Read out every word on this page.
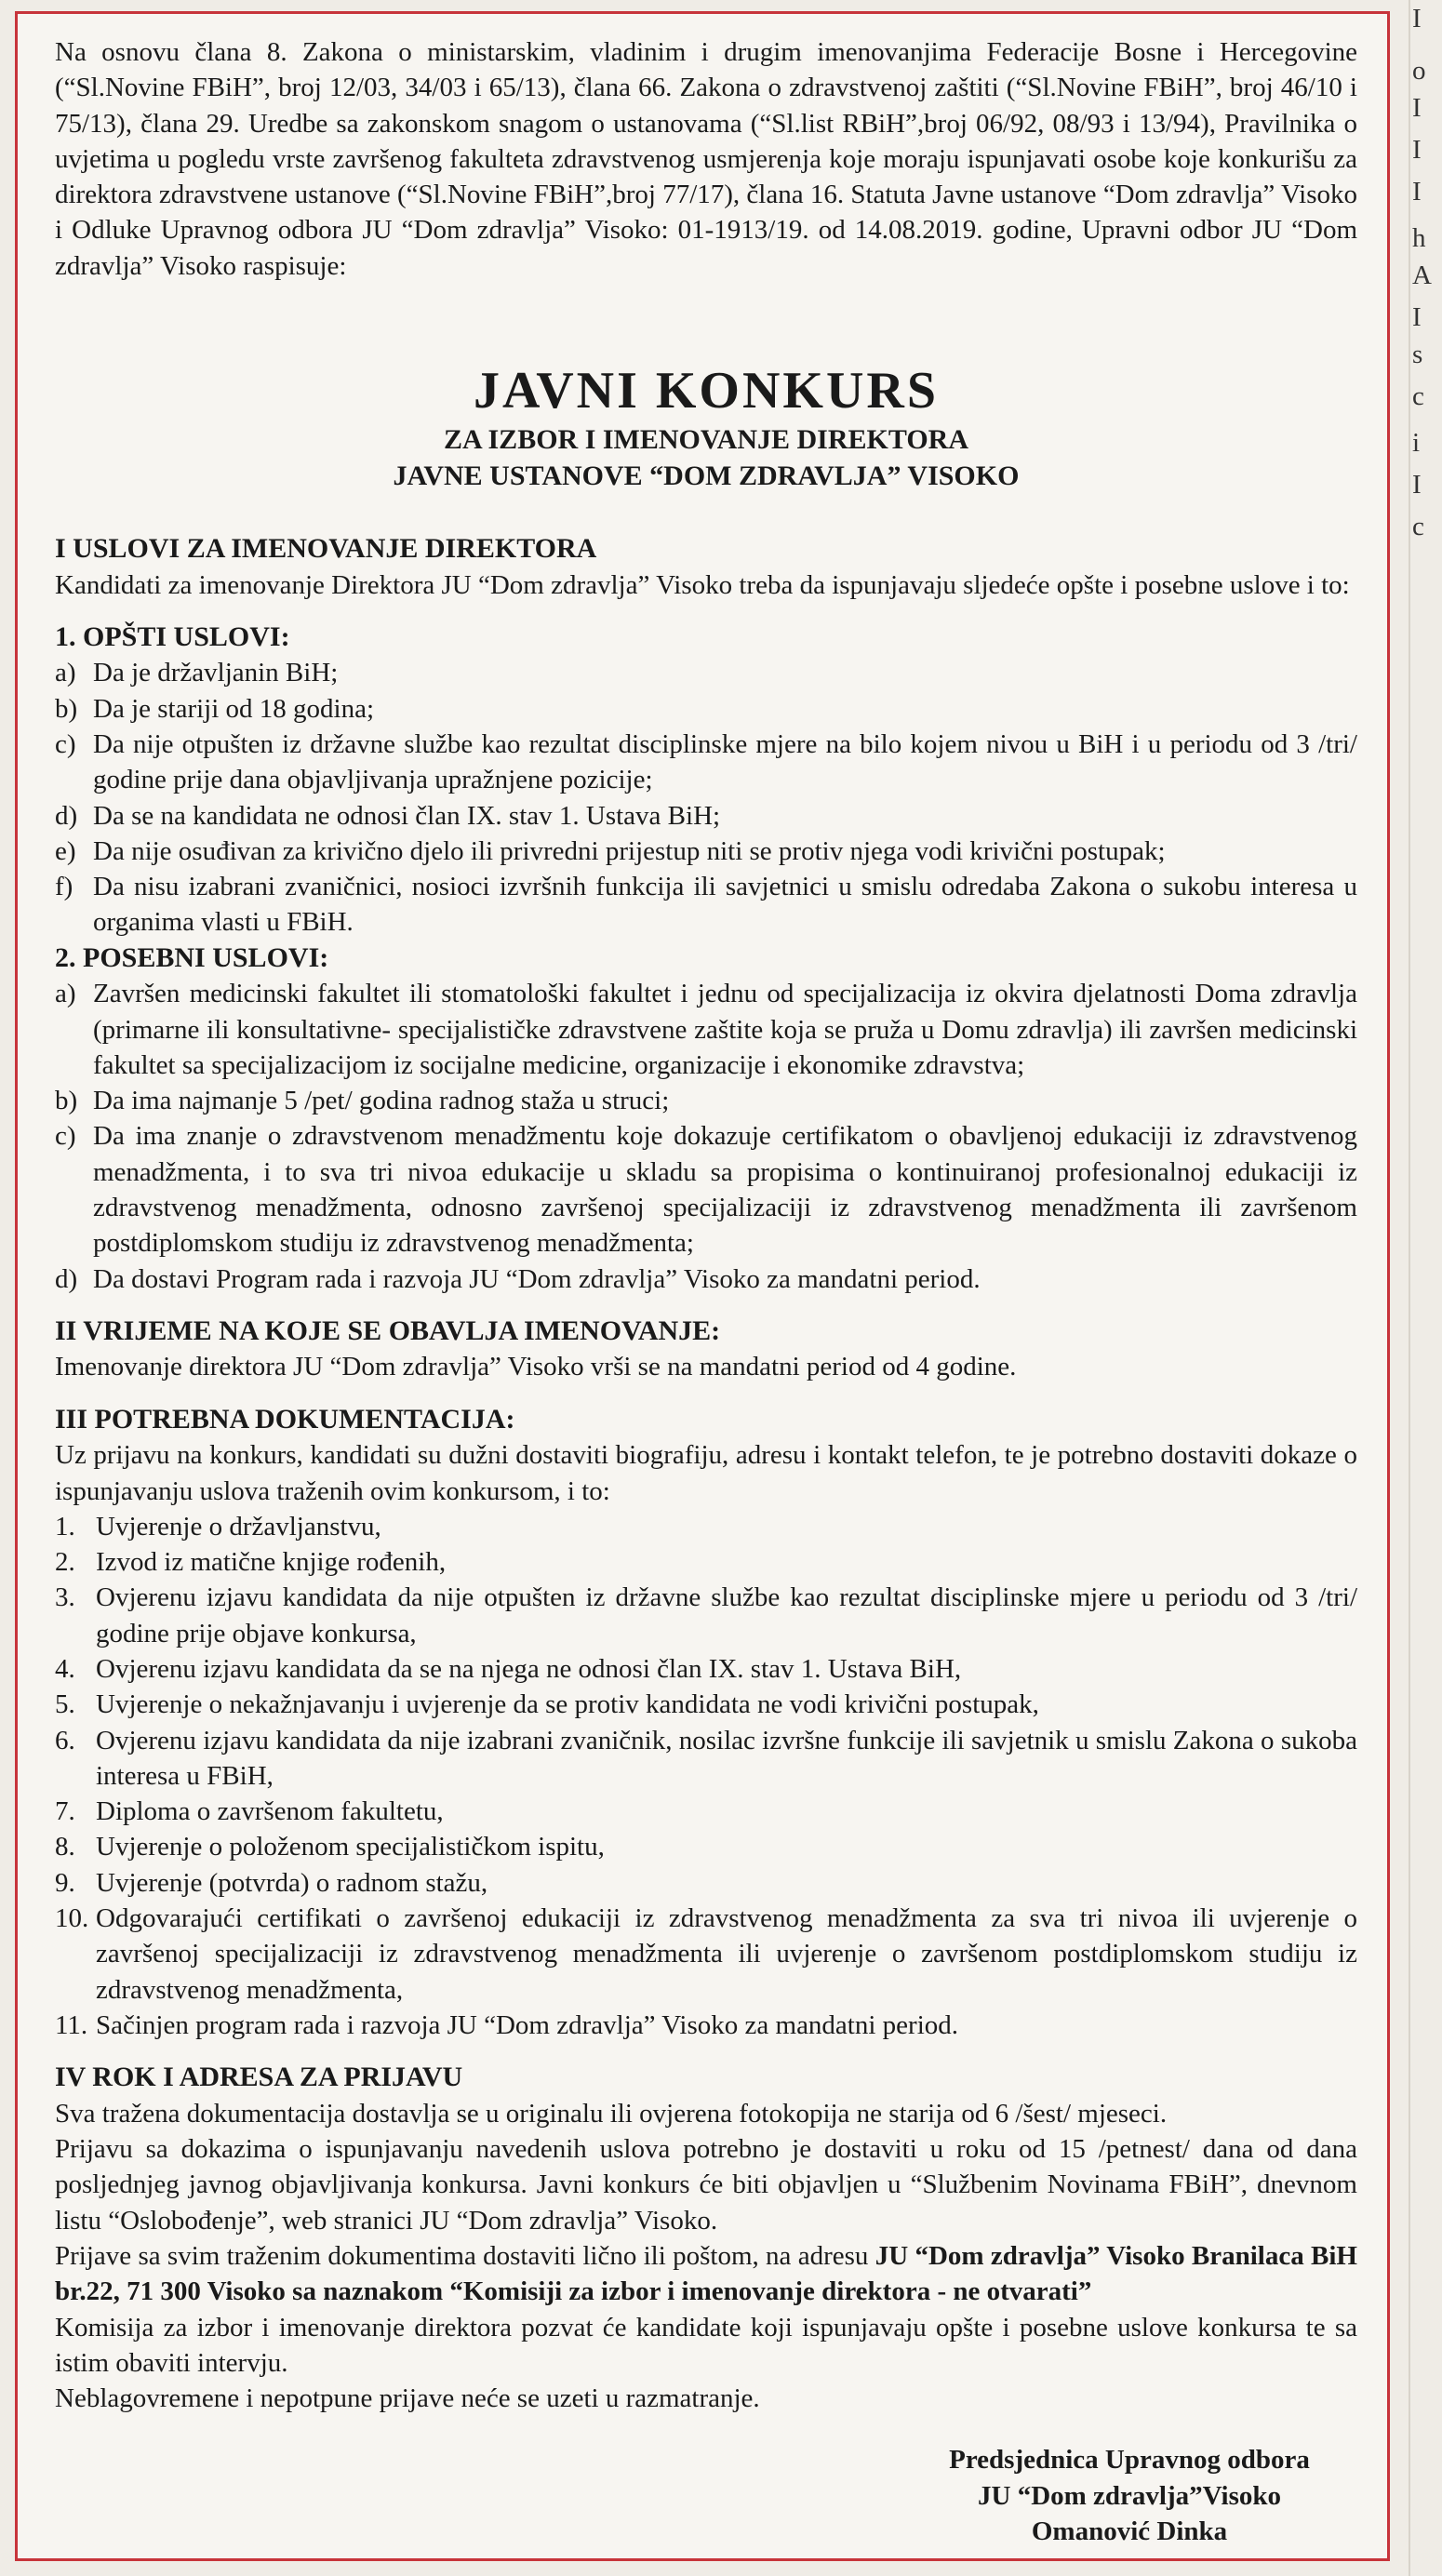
Na osnovu člana 8. Zakona o ministarskim, vladinim i drugim imenovanjima Federacije Bosne i Hercegovine (“Sl.Novine FBiH”, broj 12/03, 34/03 i 65/13), člana 66. Zakona o zdravstvenoj zaštiti (“Sl.Novine FBiH”, broj 46/10 i 75/13), člana 29. Uredbe sa zakonskom snagom o ustanovama (“Sl.list RBiH”,broj 06/92, 08/93 i 13/94), Pravilnika o uvjetima u pogledu vrste završenog fakulteta zdravstvenog usmjerenja koje moraju ispunjavati osobe koje konkurišu za direktora zdravstvene ustanove (“Sl.Novine FBiH”,broj 77/17), člana 16. Statuta Javne ustanove “Dom zdravlja” Visoko i Odluke Upravnog odbora JU “Dom zdravlja” Visoko: 01-1913/19. od 14.08.2019. godine, Upravni odbor JU “Dom zdravlja” Visoko raspisuje:

JAVNI KONKURS
ZA IZBOR I IMENOVANJE DIREKTORA
JAVNE USTANOVE “DOM ZDRAVLJA” VISOKO
I USLOVI ZA IMENOVANJE DIREKTORA

Kandidati za imenovanje Direktora JU “Dom zdravlja” Visoko treba da ispunjavaju sljedeće opšte i posebne uslove i to:

1. OPŠTI USLOVI:
a) Da je državljanin BiH;
b) Da je stariji od 18 godina;
c) Da nije otpušten iz državne službe kao rezultat disciplinske mjere na bilo kojem nivou u BiH i u periodu od 3 /tri/ godine prije dana objavljivanja upražnjene pozicije;
d) Da se na kandidata ne odnosi član IX. stav 1. Ustava BiH;
e) Da nije osuđivan za krivično djelo ili privredni prijestup niti se protiv njega vodi krivični postupak;
f) Da nisu izabrani zvaničnici, nosioci izvršnih funkcija ili savjetnici u smislu odredaba Zakona o sukobu interesa u organima vlasti u FBiH.
2. POSEBNI USLOVI:
a) Završen medicinski fakultet ili stomatološki fakultet i jednu od specijalizacija iz okvira djelatnosti Doma zdravlja (primarne ili konsultativne- specijalističke zdravstvene zaštite koja se pruža u Domu zdravlja) ili završen medicinski fakultet sa specijalizacijom iz socijalne medicine, organizacije i ekonomike zdravstva;
b) Da ima najmanje 5 /pet/ godina radnog staža u struci;
c) Da ima znanje o zdravstvenom menadžmentu koje dokazuje certifikatom o obavljenoj edukaciji iz zdravstvenog menadžmenta, i to sva tri nivoa edukacije u skladu sa propisima o kontinuiranoj profesionalnoj edukaciji iz zdravstvenog menadžmenta, odnosno završenoj specijalizaciji iz zdravstvenog menadžmenta ili završenom postdiplomskom studiju iz zdravstvenog menadžmenta;
d) Da dostavi Program rada i razvoja JU “Dom zdravlja” Visoko za mandatni period.
II VRIJEME NA KOJE SE OBAVLJA IMENOVANJE:

Imenovanje direktora JU “Dom zdravlja” Visoko vrši se na mandatni period od 4 godine.

III POTREBNA DOKUMENTACIJA:

Uz prijavu na konkurs, kandidati su dužni dostaviti biografiju, adresu i kontakt telefon, te je potrebno dostaviti dokaze o ispunjavanju uslova traženih ovim konkursom, i to:

1. Uvjerenje o državljanstvu,
2. Izvod iz matične knjige rođenih,
3. Ovjerenu izjavu kandidata da nije otpušten iz državne službe kao rezultat disciplinske mjere u periodu od 3 /tri/ godine prije objave konkursa,
4. Ovjerenu izjavu kandidata da se na njega ne odnosi član IX. stav 1. Ustava BiH,
5. Uvjerenje o nekažnjavanju i uvjerenje da se protiv kandidata ne vodi krivični postupak,
6. Ovjerenu izjavu kandidata da nije izabrani zvaničnik, nosilac izvršne funkcije ili savjetnik u smislu Zakona o sukoba interesa u FBiH,
7. Diploma o završenom fakultetu,
8. Uvjerenje o položenom specijalističkom ispitu,
9. Uvjerenje (potvrda) o radnom stažu,
10. Odgovarajući certifikati o završenoj edukaciji iz zdravstvenog menadžmenta za sva tri nivoa ili uvjerenje o završenoj specijalizaciji iz zdravstvenog menadžmenta ili uvjerenje o završenom postdiplomskom studiju iz zdravstvenog menadžmenta,
11. Sačinjen program rada i razvoja JU “Dom zdravlja” Visoko za mandatni period.
IV ROK I ADRESA ZA PRIJAVU

Sva tražena dokumentacija dostavlja se u originalu ili ovjerena fotokopija ne starija od 6 /šest/ mjeseci.

Prijavu sa dokazima o ispunjavanju navedenih uslova potrebno je dostaviti u roku od 15 /petnest/ dana od dana posljednjeg javnog objavljivanja konkursa. Javni konkurs će biti objavljen u “Službenim Novinama FBiH”, dnevnom listu “Oslobođenje”, web stranici JU “Dom zdravlja” Visoko.

Prijave sa svim traženim dokumentima dostaviti lično ili poštom, na adresu JU “Dom zdravlja” Visoko Branilaca BiH br.22, 71 300 Visoko sa naznakom “Komisiji za izbor i imenovanje direktora - ne otvarati”

Komisija za izbor i imenovanje direktora pozvat će kandidate koji ispunjavaju opšte i posebne uslove konkursa te sa istim obaviti intervju.

Neblagovremene i nepotpune prijave neće se uzeti u razmatranje.

Predsjednica Upravnog odbora
JU “Dom zdravlja”Visoko
Omanović Dinka
I
o
I
I
I
h
A
I
s
c
i
I
c
